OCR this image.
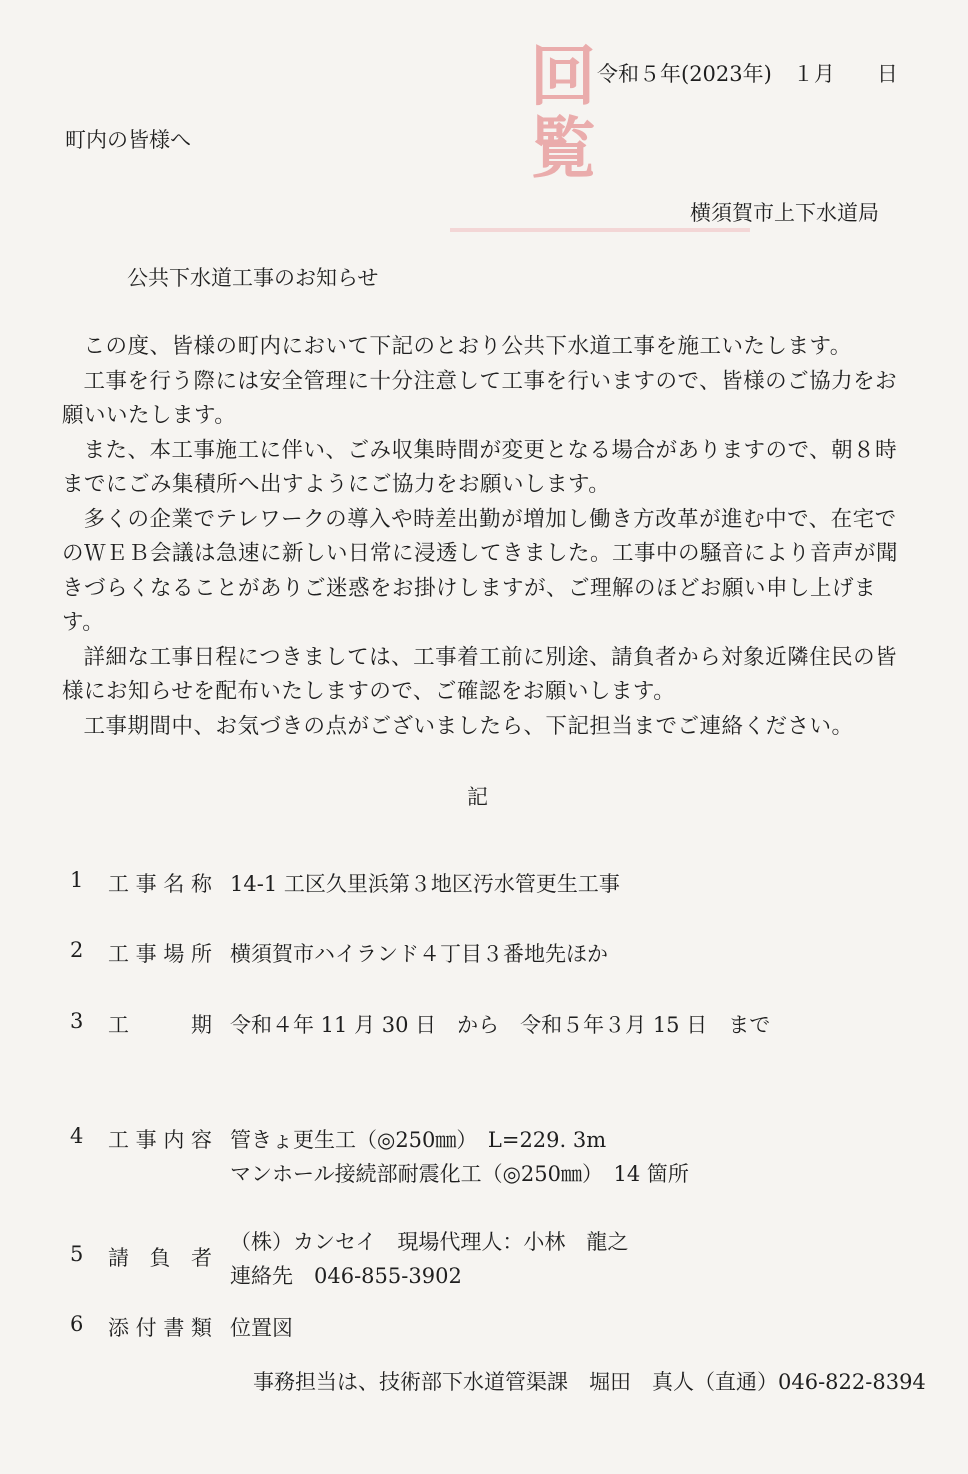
回
覧
令和５年(2023年)　１月　　日
町内の皆様へ
横須賀市上下水道局
公共下水道工事のお知らせ

この度、皆様の町内において下記のとおり公共下水道工事を施工いたします。

工事を行う際には安全管理に十分注意して工事を行いますので、皆様のご協力をお願いいたします。

また、本工事施工に伴い、ごみ収集時間が変更となる場合がありますので、朝８時までにごみ集積所へ出すようにご協力をお願いします。

多くの企業でテレワークの導入や時差出勤が増加し働き方改革が進む中で、在宅でのＷＥＢ会議は急速に新しい日常に浸透してきました。工事中の騒音により音声が聞きづらくなることがありご迷惑をお掛けしますが、ご理解のほどお願い申し上げます。

詳細な工事日程につきましては、工事着工前に別途、請負者から対象近隣住民の皆様にお知らせを配布いたしますので、ご確認をお願いします。

工事期間中、お気づきの点がございましたら、下記担当までご連絡ください。

記
1 工 事 名 称 14-1 工区久里浜第３地区汚水管更生工事
2 工 事 場 所 横須賀市ハイランド４丁目３番地先ほか
3 工	期 令和４年 11 月 30 日　から　令和５年３月 15 日　まで
4 工 事 内 容 管きょ更生工（◎250㎜）　L=229. 3m
マンホール接続部耐震化工（◎250㎜）　14 箇所
5 請 負 者
（株）カンセイ　現場代理人：小林　龍之
連絡先　046-855-3902
6 添 付 書 類 位置図
事務担当は、技術部下水道管渠課　堀田　真人（直通）046-822-8394
